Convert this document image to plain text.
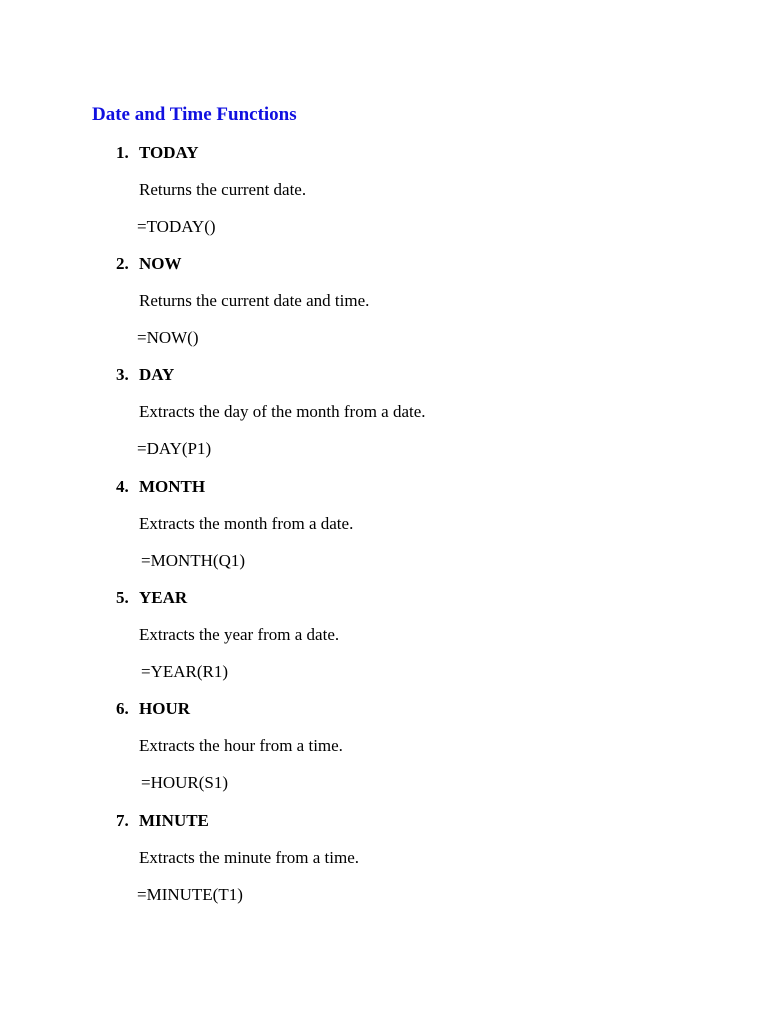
Date and Time Functions
1. TODAY
Returns the current date.
=TODAY()
2. NOW
Returns the current date and time.
=NOW()
3. DAY
Extracts the day of the month from a date.
=DAY(P1)
4. MONTH
Extracts the month from a date.
=MONTH(Q1)
5. YEAR
Extracts the year from a date.
=YEAR(R1)
6. HOUR
Extracts the hour from a time.
=HOUR(S1)
7. MINUTE
Extracts the minute from a time.
=MINUTE(T1)
